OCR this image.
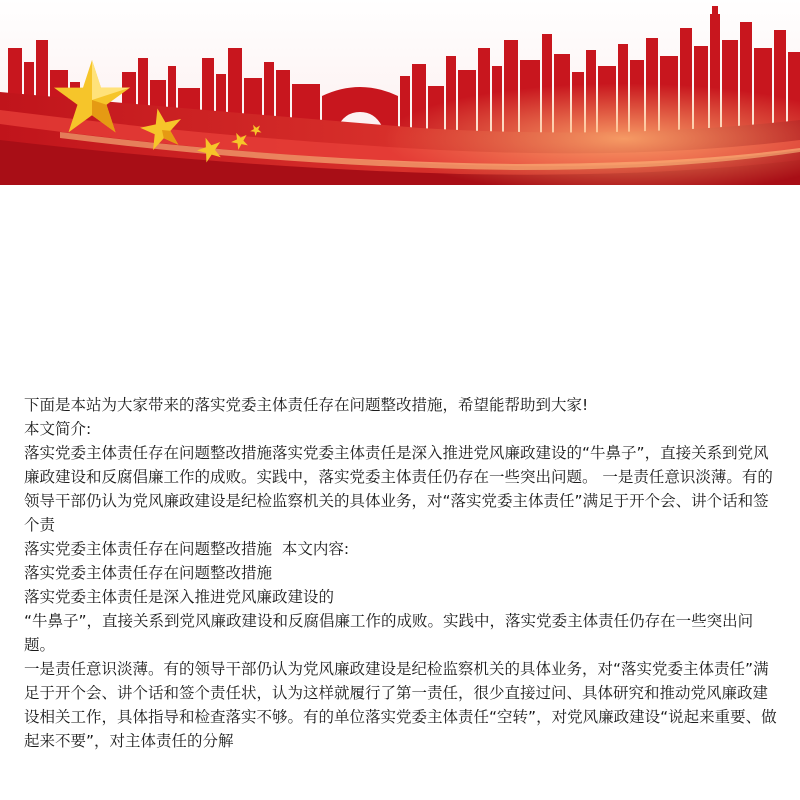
下面是本站为大家带来的落实党委主体责任存在问题整改措施，希望能帮助到大家!

本文简介:

落实党委主体责任存在问题整改措施落实党委主体责任是深入推进党风廉政建设的“牛鼻子”，直接关系到党风廉政建设和反腐倡廉工作的成败。实践中，落实党委主体责任仍存在一些突出问题。 一是责任意识淡薄。有的领导干部仍认为党风廉政建设是纪检监察机关的具体业务，对“落实党委主体责任”满足于开个会、讲个话和签个责

落实党委主体责任存在问题整改措施  本文内容:

落实党委主体责任存在问题整改措施

落实党委主体责任是深入推进党风廉政建设的

“牛鼻子”，直接关系到党风廉政建设和反腐倡廉工作的成败。实践中，落实党委主体责任仍存在一些突出问题。

一是责任意识淡薄。有的领导干部仍认为党风廉政建设是纪检监察机关的具体业务，对“落实党委主体责任”满足于开个会、讲个话和签个责任状，认为这样就履行了第一责任，很少直接过问、具体研究和推动党风廉政建设相关工作，具体指导和检查落实不够。有的单位落实党委主体责任“空转”，对党风廉政建设“说起来重要、做起来不要”，对主体责任的分解
